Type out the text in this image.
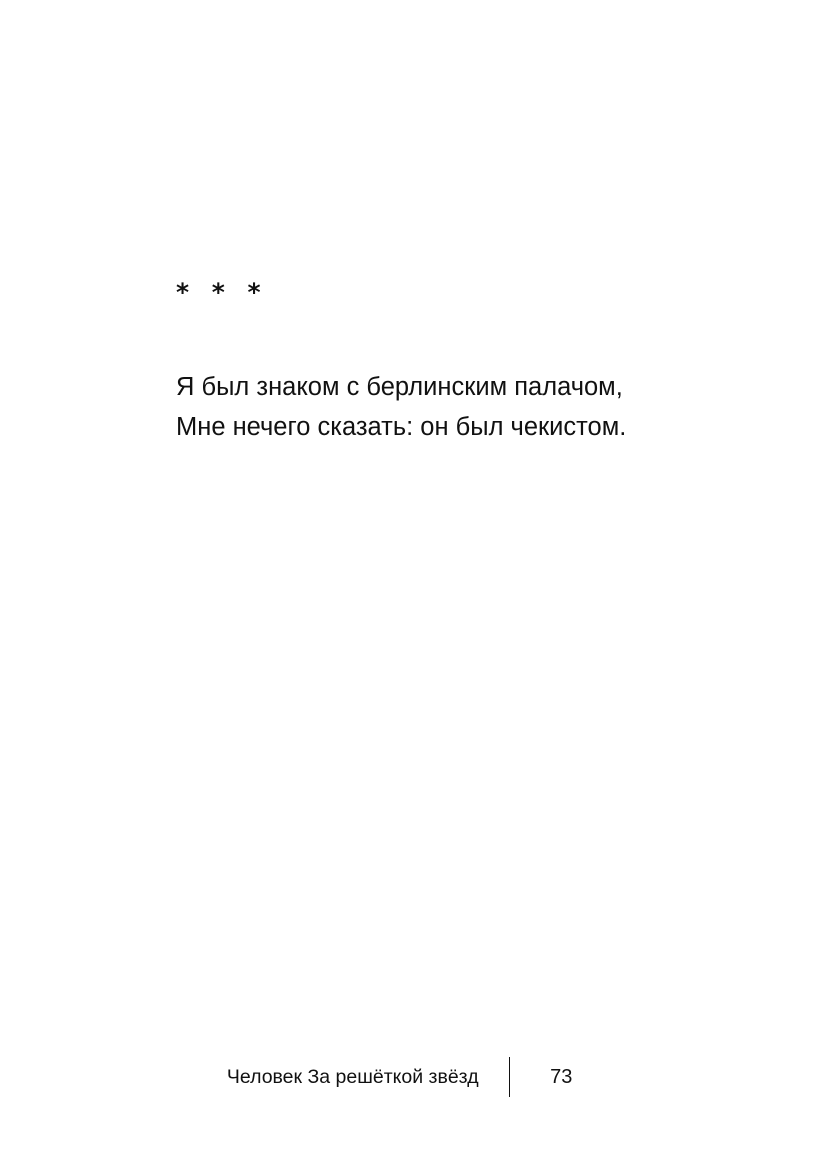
* * *
Я был знаком с берлинским палачом,
Мне нечего сказать: он был чекистом.
Человек За решёткой звёзд	73
